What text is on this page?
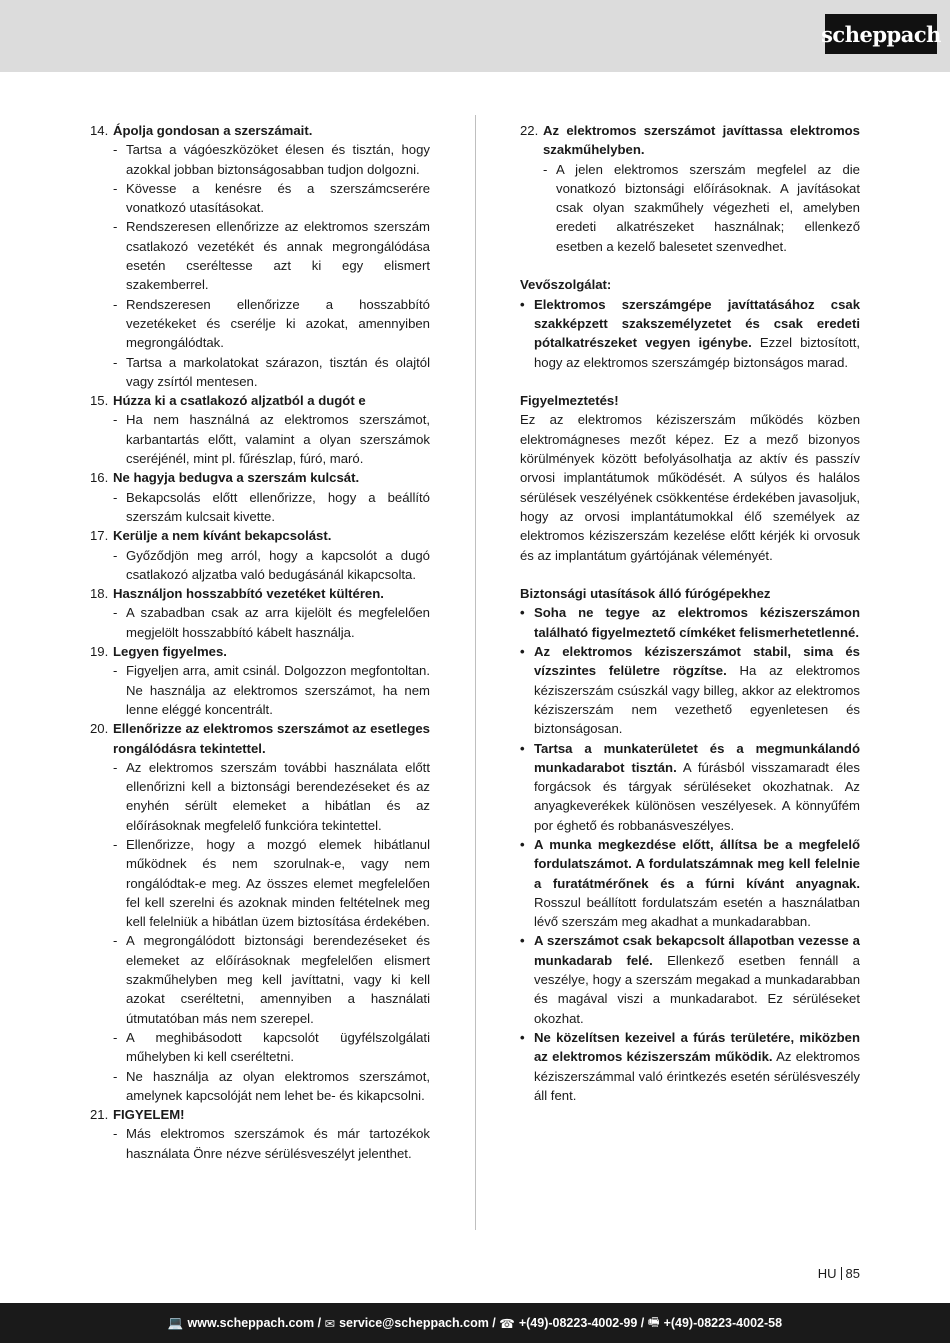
scheppach
14. Ápolja gondosan a szerszámait.
- Tartsa a vágóeszközöket élesen és tisztán, hogy azokkal jobban biztonságosabban tudjon dolgozni.
- Kövesse a kenésre és a szerszámcserére vonatkozó utasításokat.
- Rendszeresen ellenőrizze az elektromos szerszám csatlakozó vezetékét és annak megrongálódása esetén cseréltesse azt ki egy elismert szakemberrel.
- Rendszeresen ellenőrizze a hosszabbító vezetékeket és cserélje ki azokat, amennyiben megrongálódtak.
- Tartsa a markolatokat szárazon, tisztán és olajtól vagy zsírtól mentesen.
15. Húzza ki a csatlakozó aljzatból a dugót e
- Ha nem használná az elektromos szerszámot, karbantartás előtt, valamint a olyan szerszámok cseréjénél, mint pl. fűrészlap, fúró, maró.
16. Ne hagyja bedugva a szerszám kulcsát.
- Bekapcsolás előtt ellenőrizze, hogy a beállító szerszám kulcsait kivette.
17. Kerülje a nem kívánt bekapcsolást.
- Győződjön meg arról, hogy a kapcsolót a dugó csatlakozó aljzatba való bedugásánál kikapcsolta.
18. Használjon hosszabbító vezetéket kültéren.
- A szabadban csak az arra kijelölt és megfelelően megjelölt hosszabbító kábelt használja.
19. Legyen figyelmes.
- Figyeljen arra, amit csinál. Dolgozzon megfontoltan. Ne használja az elektromos szerszámot, ha nem lenne eléggé koncentrált.
20. Ellenőrizze az elektromos szerszámot az esetleges rongálódásra tekintettel.
- Az elektromos szerszám további használata előtt ellenőrizni kell a biztonsági berendezéseket és az enyhén sérült elemeket a hibátlan és az előírásoknak megfelelő funkcióra tekintettel.
- Ellenőrizze, hogy a mozgó elemek hibátlanul működnek és nem szorulnak-e, vagy nem rongálódtak-e meg. Az összes elemet megfelelően fel kell szerelni és azoknak minden feltételnek meg kell felelniük a hibátlan üzem biztosítása érdekében.
- A megrongálódott biztonsági berendezéseket és elemeket az előírásoknak megfelelően elismert szakműhelyben meg kell javíttatni, vagy ki kell azokat cseréltetni, amennyiben a használati útmutatóban más nem szerepel.
- A meghibásodott kapcsolót ügyfélszolgálati műhelyben ki kell cseréltetni.
- Ne használja az olyan elektromos szerszámot, amelynek kapcsolóját nem lehet be- és kikapcsolni.
21. FIGYELEM!
- Más elektromos szerszámok és már tartozékok használata Önre nézve sérülésveszélyt jelenthet.
22. Az elektromos szerszámot javíttassa elektromos szakműhelyben.
- A jelen elektromos szerszám megfelel az die vonatkozó biztonsági előírásoknak. A javításokat csak olyan szakműhely végezheti el, amelyben eredeti alkatrészeket használnak; ellenkező esetben a kezelő balesetet szenvedhet.
Vevőszolgálat:
• Elektromos szerszámgépe javíttatásához csak szakképzett szakszemélyzetet és csak eredeti pótalkatrészeket vegyen igénybe. Ezzel biztosított, hogy az elektromos szerszámgép biztonságos marad.
Figyelmeztetés!
Ez az elektromos kéziszerszám működés közben elektromágneses mezőt képez. Ez a mező bizonyos körülmények között befolyásolhatja az aktív és passzív orvosi implantátumok működését. A súlyos és halálos sérülések veszélyének csökkentése érdekében javasoljuk, hogy az orvosi implantátumokkal élő személyek az elektromos kéziszerszám kezelése előtt kérjék ki orvosuk és az implantátum gyártójának véleményét.
Biztonsági utasítások álló fúrógépekhez
• Soha ne tegye az elektromos kéziszerszámon található figyelmeztető címkéket felismerhetetlenné.
• Az elektromos kéziszerszámot stabil, sima és vízszintes felületre rögzítse. Ha az elektromos kéziszerszám csúszkál vagy billeg, akkor az elektromos kéziszerszám nem vezethető egyenletesen és biztonságosan.
• Tartsa a munkaterületet és a megmunkálandó munkadarabot tisztán. A fúrásból visszamaradt éles forgácsok és tárgyak sérüléseket okozhatnak. Az anyagkeverékek különösen veszélyesek. A könnyűfém por éghető és robbanásveszélyes.
• A munka megkezdése előtt, állítsa be a megfelelő fordulatszámot. A fordulatszámnak meg kell felelnie a furatátmérőnek és a fúrni kívánt anyagnak. Rosszul beállított fordulatszám esetén a használatban lévő szerszám meg akadhat a munkadarabban.
• A szerszámot csak bekapcsolt állapotban vezesse a munkadarab felé. Ellenkező esetben fennáll a veszélye, hogy a szerszám megakad a munkadarabban és magával viszi a munkadarabot. Ez sérüléseket okozhat.
• Ne közelítsen kezeivel a fúrás területére, miközben az elektromos kéziszerszám működik. Az elektromos kéziszerszámmal való érintkezés esetén sérülésveszély áll fent.
HU 85
💻 www.scheppach.com / ✉ service@scheppach.com / ☎ +(49)-08223-4002-99 / 🖷 +(49)-08223-4002-58
